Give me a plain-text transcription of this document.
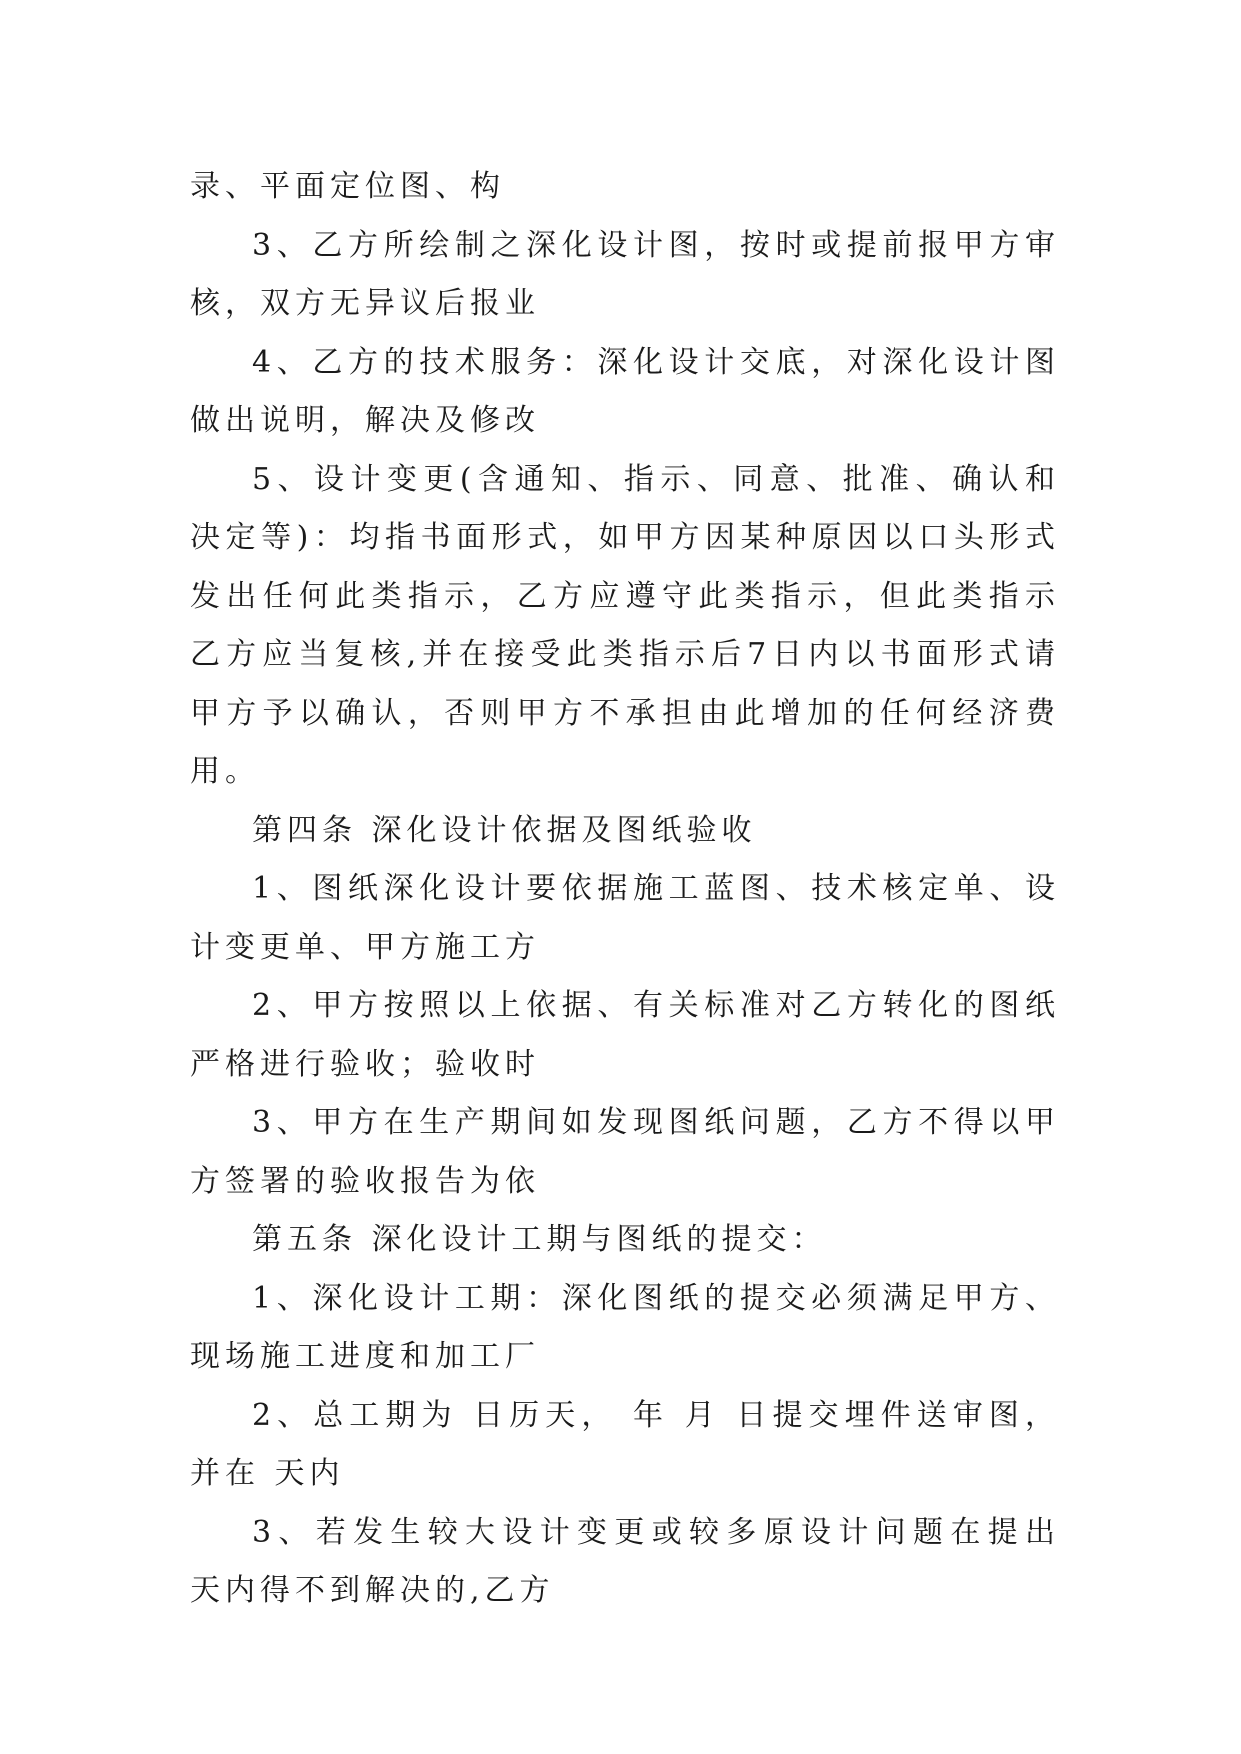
录、平面定位图、构

3、乙方所绘制之深化设计图，按时或提前报甲方审核，双方无异议后报业

4、乙方的技术服务：深化设计交底，对深化设计图做出说明，解决及修改

5、设计变更(含通知、指示、同意、批准、确认和决定等)：均指书面形式，如甲方因某种原因以口头形式发出任何此类指示，乙方应遵守此类指示，但此类指示乙方应当复核,并在接受此类指示后7日内以书面形式请甲方予以确认，否则甲方不承担由此增加的任何经济费用。

第四条 深化设计依据及图纸验收

1、图纸深化设计要依据施工蓝图、技术核定单、设计变更单、甲方施工方

2、甲方按照以上依据、有关标准对乙方转化的图纸严格进行验收；验收时

3、甲方在生产期间如发现图纸问题，乙方不得以甲方签署的验收报告为依

第五条 深化设计工期与图纸的提交：

1、深化设计工期：深化图纸的提交必须满足甲方、现场施工进度和加工厂

2、总工期为 日历天， 年 月 日提交埋件送审图，并在 天内

3、若发生较大设计变更或较多原设计问题在提出 天内得不到解决的,乙方
